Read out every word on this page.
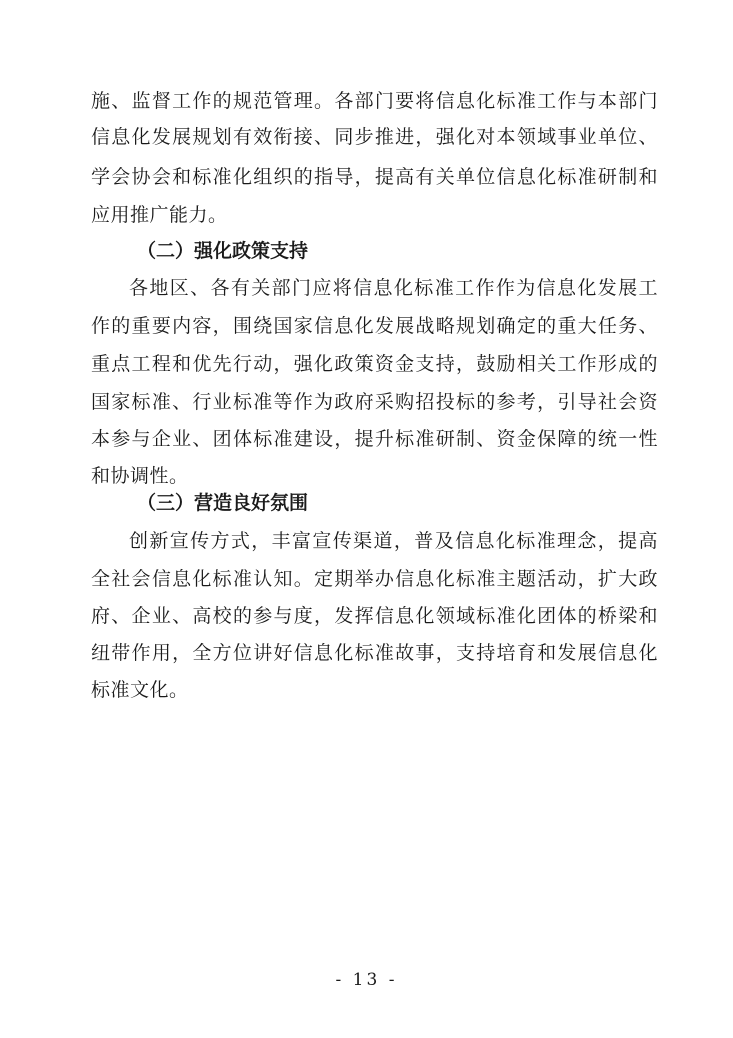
施、监督工作的规范管理。各部门要将信息化标准工作与本部门
信息化发展规划有效衔接、同步推进，强化对本领域事业单位、
学会协会和标准化组织的指导，提高有关单位信息化标准研制和
应用推广能力。
（二）强化政策支持
各地区、各有关部门应将信息化标准工作作为信息化发展工
作的重要内容，围绕国家信息化发展战略规划确定的重大任务、
重点工程和优先行动，强化政策资金支持，鼓励相关工作形成的
国家标准、行业标准等作为政府采购招投标的参考，引导社会资
本参与企业、团体标准建设，提升标准研制、资金保障的统一性
和协调性。
（三）营造良好氛围
创新宣传方式，丰富宣传渠道，普及信息化标准理念，提高
全社会信息化标准认知。定期举办信息化标准主题活动，扩大政
府、企业、高校的参与度，发挥信息化领域标准化团体的桥梁和
纽带作用，全方位讲好信息化标准故事，支持培育和发展信息化
标准文化。
- 13 -
